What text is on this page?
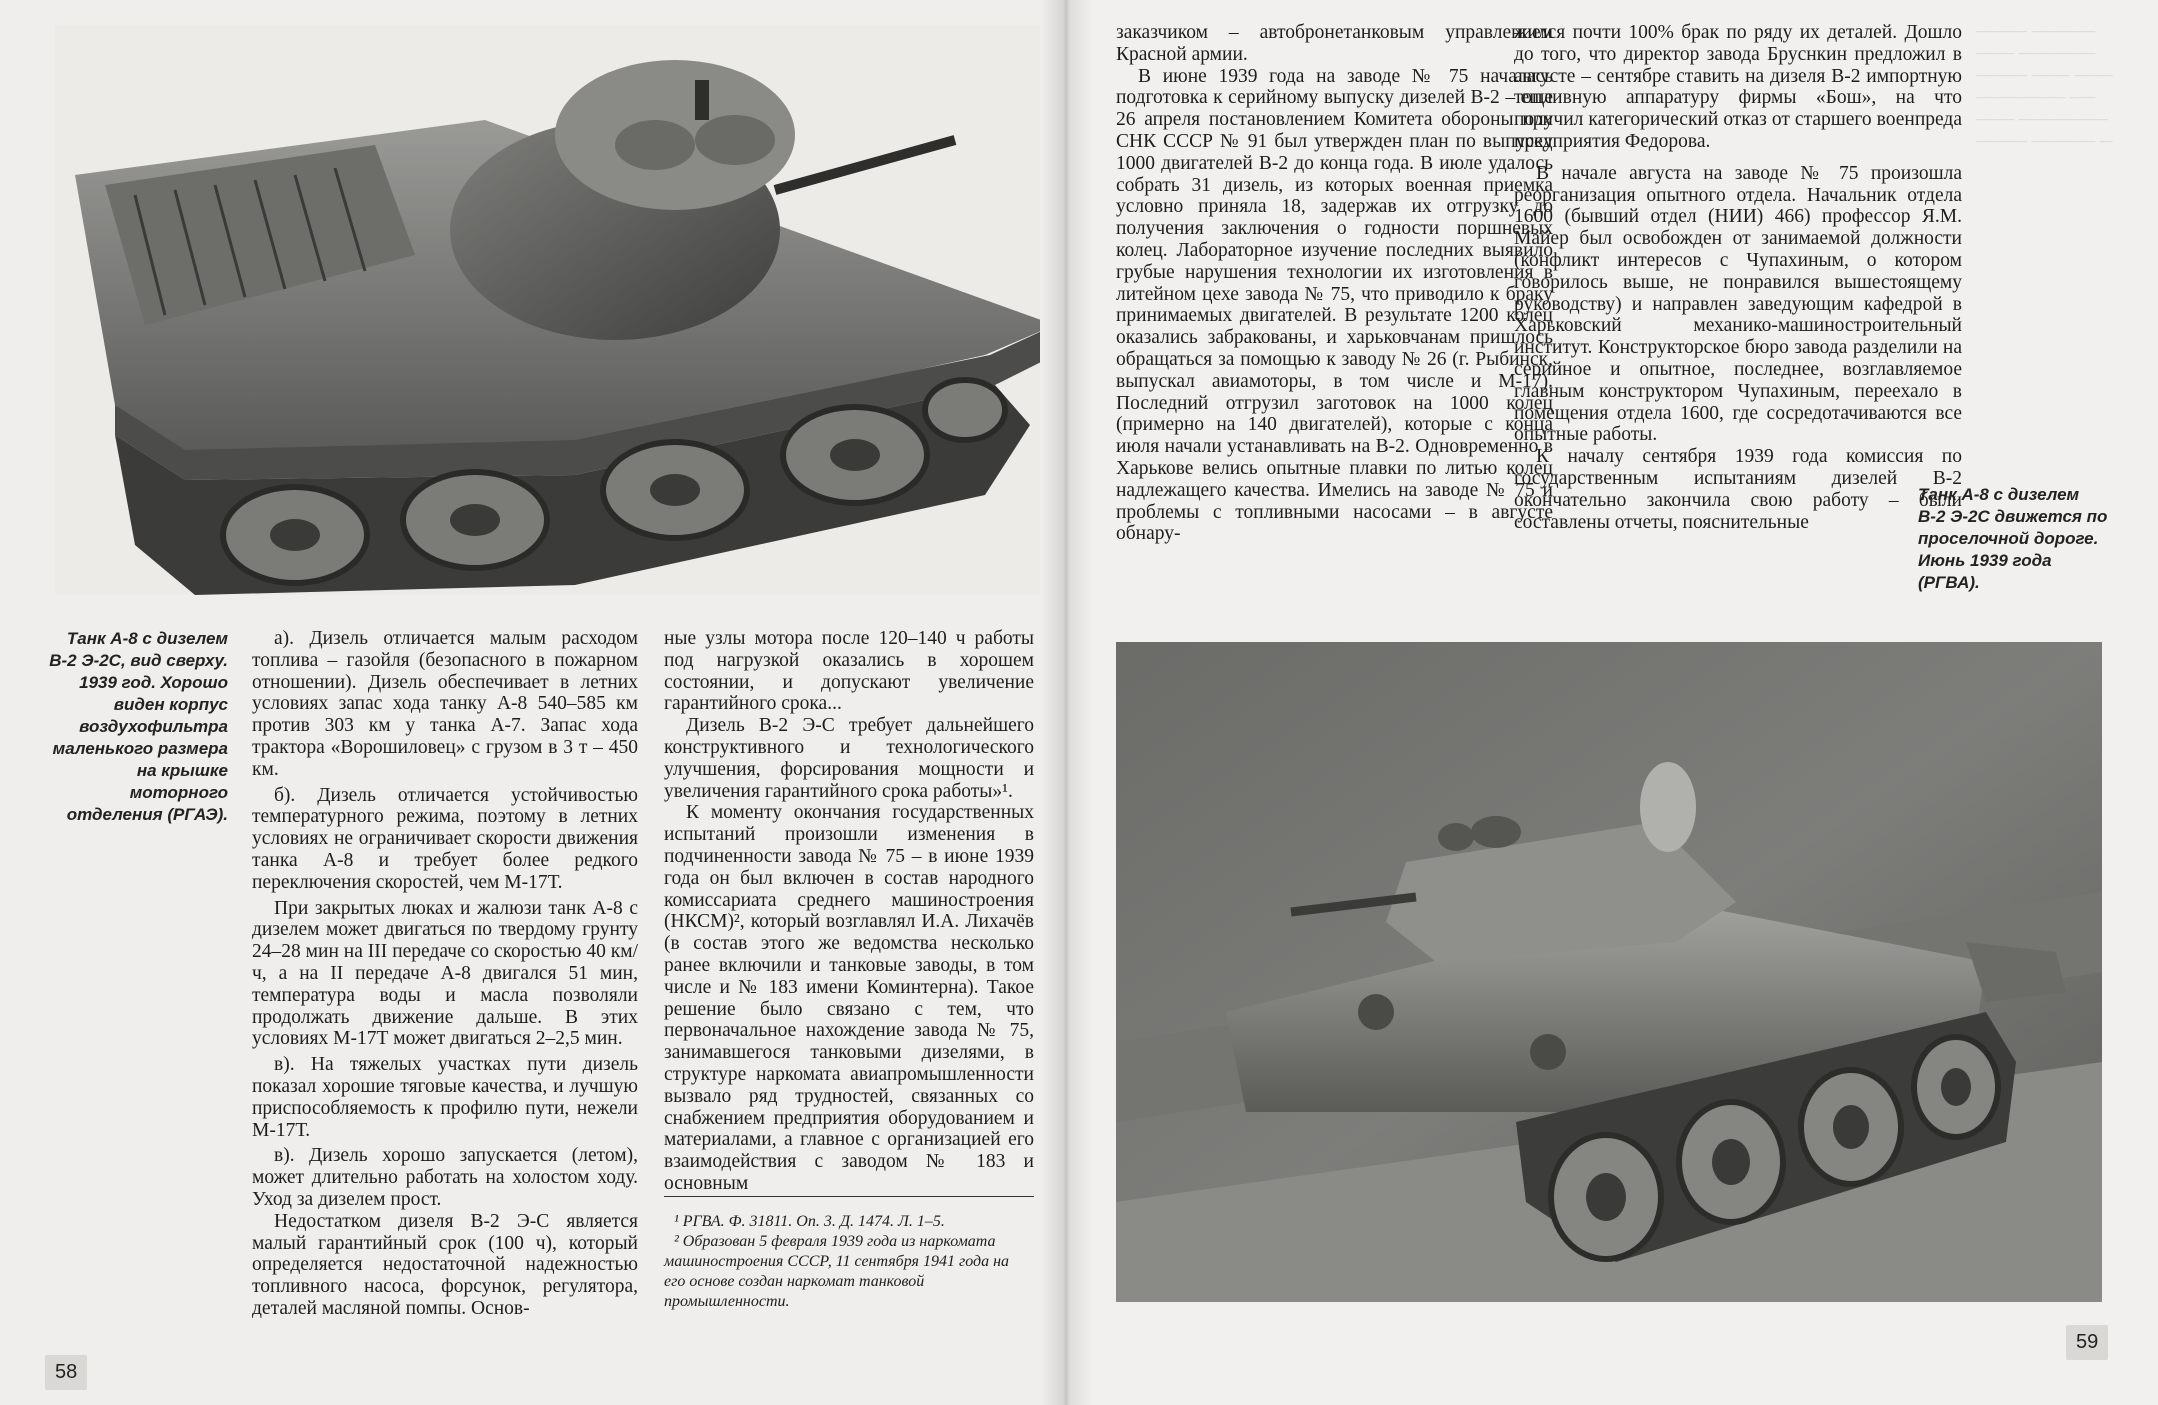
Танк А-8 с дизелем В-2 Э-2С, вид сверху. 1939 год. Хорошо виден корпус воздухофильтра маленького размера на крышке моторного отделения (РГАЭ).

а). Дизель отличается малым расходом топлива – газойля (безопасного в пожарном отношении). Дизель обеспечивает в летних условиях запас хода танку А-8 540–585 км против 303 км у танка А-7. Запас хода трактора «Ворошиловец» с грузом в 3 т – 450 км.

б). Дизель отличается устойчивостью температурного режима, поэтому в летних условиях не ограничивает скорости движения танка А-8 и требует более редкого переключения скоростей, чем М-17Т.

При закрытых люках и жалюзи танк А-8 с дизелем может двигаться по твердому грунту 24–28 мин на III передаче со скоростью 40 км/ч, а на II передаче А-8 двигался 51 мин, температура воды и масла позволяли продолжать движение дальше. В этих условиях М-17Т может двигаться 2–2,5 мин.

в). На тяжелых участках пути дизель показал хорошие тяговые качества, и лучшую приспособляемость к профилю пути, нежели М-17Т.

в). Дизель хорошо запускается (летом), может длительно работать на холостом ходу. Уход за дизелем прост.

Недостатком дизеля В-2 Э-С является малый гарантийный срок (100 ч), который определяется недостаточной надежностью топливного насоса, форсунок, регулятора, деталей масляной помпы. Основ-

ные узлы мотора после 120–140 ч работы под нагрузкой оказались в хорошем состоянии, и допускают увеличение гарантийного срока...

Дизель В-2 Э-С требует дальнейшего конструктивного и технологического улучшения, форсирования мощности и увеличения гарантийного срока работы»¹.

К моменту окончания государственных испытаний произошли изменения в подчиненности завода № 75 – в июне 1939 года он был включен в состав народного комиссариата среднего машиностроения (НКСМ)², который возглавлял И.А. Лихачёв (в состав этого же ведомства несколько ранее включили и танковые заводы, в том числе и № 183 имени Коминтерна). Такое решение было связано с тем, что первоначальное нахождение завода № 75, занимавшегося танковыми дизелями, в структуре наркомата авиапромышленности вызвало ряд трудностей, связанных со снабжением предприятия оборудованием и материалами, а главное с организацией его взаимодействия с заводом № 183 и основным

¹ РГВА. Ф. 31811. Оп. 3. Д. 1474. Л. 1–5.

² Образован 5 февраля 1939 года из наркомата машиностроения СССР, 11 сентября 1941 года на его основе создан наркомат танковой промышленности.

58

заказчиком – автобронетанковым управлением Красной армии.

В июне 1939 года на заводе № 75 началась подготовка к серийному выпуску дизелей В-2 – еще 26 апреля постановлением Комитета обороны при СНК СССР № 91 был утвержден план по выпуску 1000 двигателей В-2 до конца года. В июле удалось собрать 31 дизель, из которых военная приемка условно приняла 18, задержав их отгрузку до получения заключения о годности поршневых колец. Лабораторное изучение последних выявило грубые нарушения технологии их изготовления в литейном цехе завода № 75, что приводило к браку принимаемых двигателей. В результате 1200 колец оказались забракованы, и харьковчанам пришлось обращаться за помощью к заводу № 26 (г. Рыбинск, выпускал авиамоторы, в том числе и М-17). Последний отгрузил заготовок на 1000 колец (примерно на 140 двигателей), которые с конца июля начали устанавливать на В-2. Одновременно в Харькове велись опытные плавки по литью колец надлежащего качества. Имелись на заводе № 75 и проблемы с топливными насосами – в августе обнару-

жился почти 100% брак по ряду их деталей. Дошло до того, что директор завода Бруснкин предложил в августе – сентябре ставить на дизеля В-2 импортную топливную аппаратуру фирмы «Бош», на что получил категорический отказ от старшего военпреда предприятия Федорова.

В начале августа на заводе № 75 произошла реорганизация опытного отдела. Начальник отдела 1600 (бывший отдел (НИИ) 466) профессор Я.М. Майер был освобожден от занимаемой должности (конфликт интересов с Чупахиным, о котором говорилось выше, не понравился вышестоящему руководству) и направлен заведующим кафедрой в Харьковский механико-машиностроительный институт. Конструкторское бюро завода разделили на серийное и опытное, последнее, возглавляемое главным конструктором Чупахиным, переехало в помещения отдела 1600, где сосредотачиваются все опытные работы.

К началу сентября 1939 года комиссия по государственным испытаниям дизелей В-2 окончательно закончила свою работу – были составлены отчеты, пояснительные

──── ─────
─── ──────
──── ─── ───
─────── ──
─── ───────
──── ───── ─
Танк А-8 с дизелем В-2 Э-2С движется по проселочной дороге. Июнь 1939 года (РГВА).
59
